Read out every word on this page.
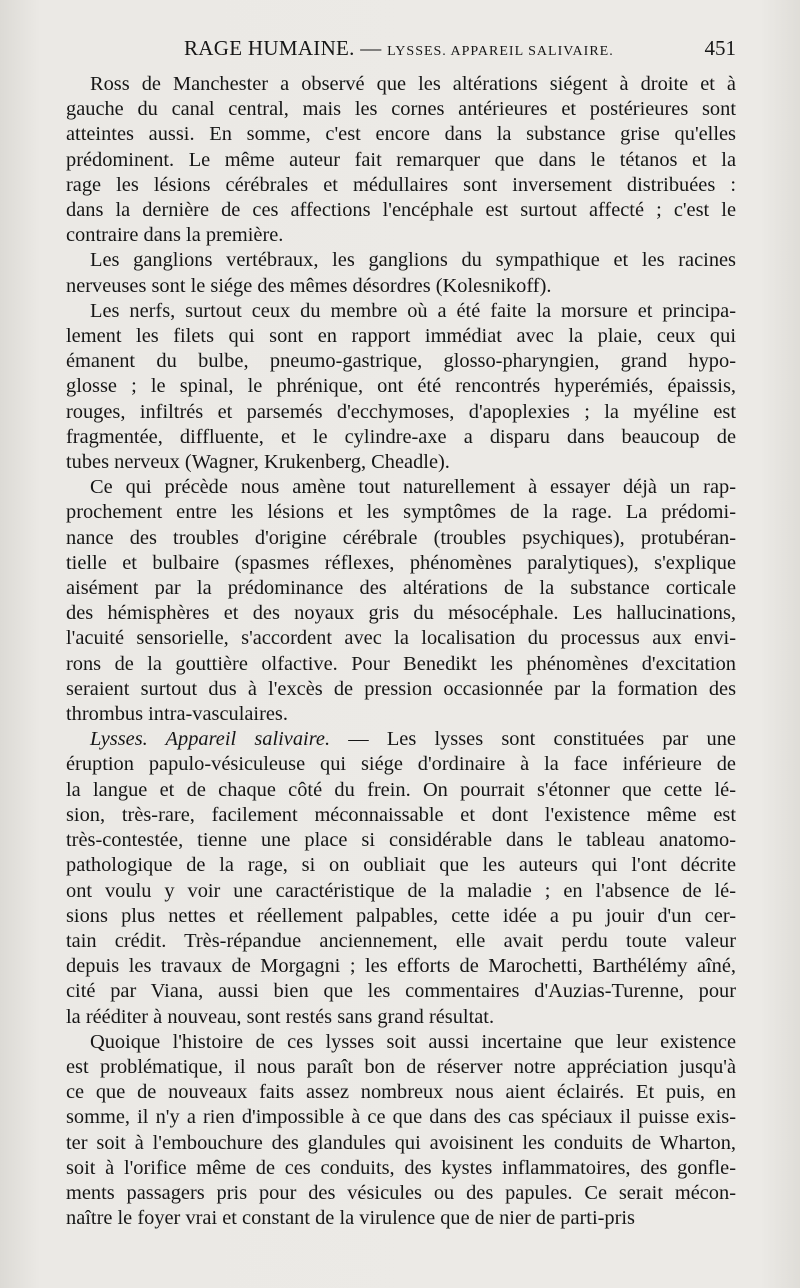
RAGE HUMAINE. — LYSSES. APPAREIL SALIVAIRE.	451

Ross de Manchester a observé que les altérations siégent à droite et à
gauche du canal central, mais les cornes antérieures et postérieures sont
atteintes aussi. En somme, c'est encore dans la substance grise qu'elles
prédominent. Le même auteur fait remarquer que dans le tétanos et la
rage les lésions cérébrales et médullaires sont inversement distribuées :
dans la dernière de ces affections l'encéphale est surtout affecté ; c'est le
contraire dans la première.

Les ganglions vertébraux, les ganglions du sympathique et les racines
nerveuses sont le siége des mêmes désordres (Kolesnikoff).

Les nerfs, surtout ceux du membre où a été faite la morsure et principa-
lement les filets qui sont en rapport immédiat avec la plaie, ceux qui
émanent du bulbe, pneumo-gastrique, glosso-pharyngien, grand hypo-
glosse ; le spinal, le phrénique, ont été rencontrés hyperémiés, épaissis,
rouges, infiltrés et parsemés d'ecchymoses, d'apoplexies ; la myéline est
fragmentée, diffluente, et le cylindre-axe a disparu dans beaucoup de
tubes nerveux (Wagner, Krukenberg, Cheadle).

Ce qui précède nous amène tout naturellement à essayer déjà un rap-
prochement entre les lésions et les symptômes de la rage. La prédomi-
nance des troubles d'origine cérébrale (troubles psychiques), protubéran-
tielle et bulbaire (spasmes réflexes, phénomènes paralytiques), s'explique
aisément par la prédominance des altérations de la substance corticale
des hémisphères et des noyaux gris du mésocéphale. Les hallucinations,
l'acuité sensorielle, s'accordent avec la localisation du processus aux envi-
rons de la gouttière olfactive. Pour Benedikt les phénomènes d'excitation
seraient surtout dus à l'excès de pression occasionnée par la formation des
thrombus intra-vasculaires.

Lysses. Appareil salivaire. — Les lysses sont constituées par une
éruption papulo-vésiculeuse qui siége d'ordinaire à la face inférieure de
la langue et de chaque côté du frein. On pourrait s'étonner que cette lé-
sion, très-rare, facilement méconnaissable et dont l'existence même est
très-contestée, tienne une place si considérable dans le tableau anatomo-
pathologique de la rage, si on oubliait que les auteurs qui l'ont décrite
ont voulu y voir une caractéristique de la maladie ; en l'absence de lé-
sions plus nettes et réellement palpables, cette idée a pu jouir d'un cer-
tain crédit. Très-répandue anciennement, elle avait perdu toute valeur
depuis les travaux de Morgagni ; les efforts de Marochetti, Barthélémy aîné,
cité par Viana, aussi bien que les commentaires d'Auzias-Turenne, pour
la rééditer à nouveau, sont restés sans grand résultat.

Quoique l'histoire de ces lysses soit aussi incertaine que leur existence
est problématique, il nous paraît bon de réserver notre appréciation jusqu'à
ce que de nouveaux faits assez nombreux nous aient éclairés. Et puis, en
somme, il n'y a rien d'impossible à ce que dans des cas spéciaux il puisse exis-
ter soit à l'embouchure des glandules qui avoisinent les conduits de Wharton,
soit à l'orifice même de ces conduits, des kystes inflammatoires, des gonfle-
ments passagers pris pour des vésicules ou des papules. Ce serait mécon-
naître le foyer vrai et constant de la virulence que de nier de parti-pris
